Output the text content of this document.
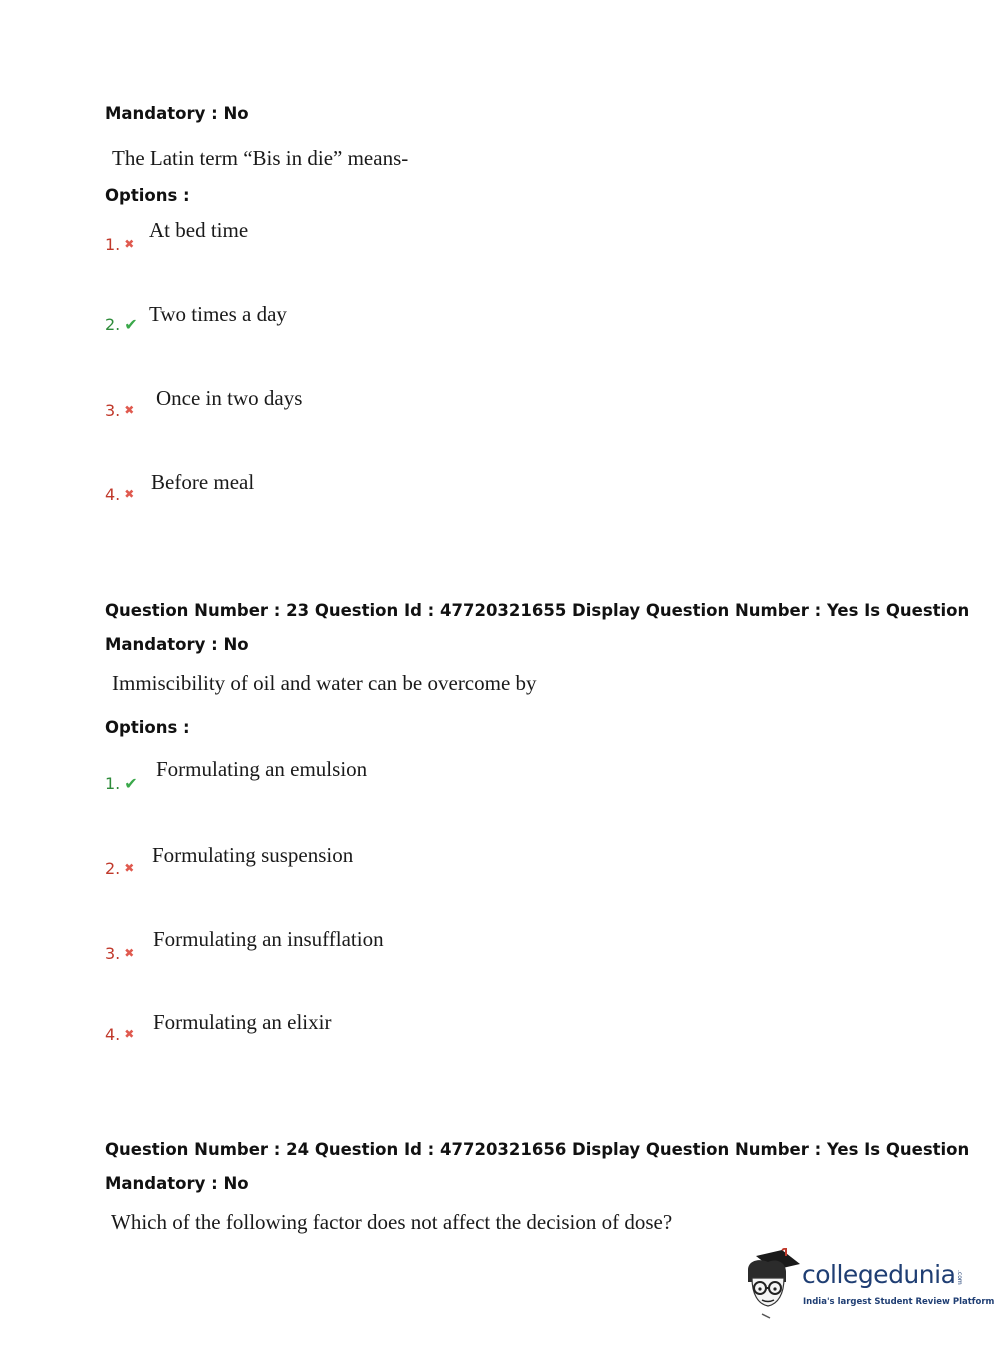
Mandatory : No
The Latin term “Bis in die” means-
Options :
1. ✖
At bed time
2. ✔ Two times a day
3. ✖ Once in two days
4. ✖ Before meal
Question Number : 23 Question Id : 47720321655 Display Question Number : Yes Is Question
Mandatory : No
Immiscibility of oil and water can be overcome by
Options :
1. ✔
Formulating an emulsion
2. ✖
Formulating suspension
3. ✖
Formulating an insufflation
4. ✖ Formulating an elixir
Question Number : 24 Question Id : 47720321656 Display Question Number : Yes Is Question
Mandatory : No
Which of the following factor does not affect the decision of dose?
collegedunia .com
India's largest Student Review Platform
